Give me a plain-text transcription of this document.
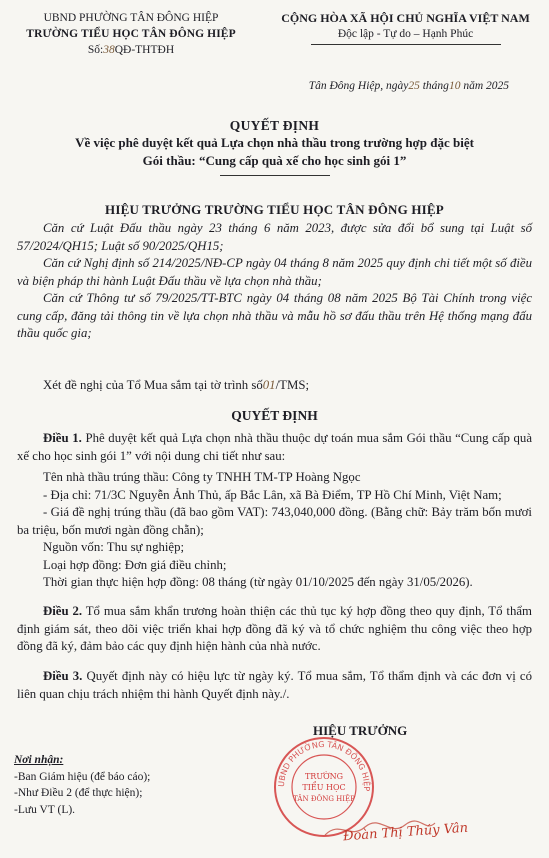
UBND PHƯỜNG TÂN ĐÔNG HIỆP
TRƯỜNG TIỂU HỌC TÂN ĐÔNG HIỆP
Số:38QĐ-THTĐH
CỘNG HÒA XÃ HỘI CHỦ NGHĨA VIỆT NAM
Độc lập - Tự do – Hạnh Phúc
Tân Đông Hiệp, ngày25 tháng10 năm 2025
QUYẾT ĐỊNH
Về việc phê duyệt kết quả Lựa chọn nhà thầu trong trường hợp đặc biệt
Gói thầu: “Cung cấp quà xế cho học sinh gói 1”
HIỆU TRƯỞNG TRƯỜNG TIỂU HỌC TÂN ĐÔNG HIỆP

Căn cứ Luật Đấu thầu ngày 23 tháng 6 năm 2023, được sửa đổi bổ sung tại Luật số 57/2024/QH15; Luật số 90/2025/QH15;

Căn cứ Nghị định số 214/2025/NĐ-CP ngày 04 tháng 8 năm 2025 quy định chi tiết một số điều và biện pháp thi hành Luật Đấu thầu về lựa chọn nhà thầu;

Căn cứ Thông tư số 79/2025/TT-BTC ngày 04 tháng 08 năm 2025 Bộ Tài Chính trong việc cung cấp, đăng tải thông tin về lựa chọn nhà thầu và mẫu hồ sơ đấu thầu trên Hệ thống mạng đấu thầu quốc gia;

Xét đề nghị của Tổ Mua sắm tại tờ trình số01/TMS;

QUYẾT ĐỊNH

Điều 1. Phê duyệt kết quả Lựa chọn nhà thầu thuộc dự toán mua sắm Gói thầu “Cung cấp quà xế cho học sinh gói 1” với nội dung chi tiết như sau:

Tên nhà thầu trúng thầu: Công ty TNHH TM-TP Hoàng Ngọc

- Địa chỉ: 71/3C Nguyễn Ảnh Thủ, ấp Bắc Lân, xã Bà Điểm, TP Hồ Chí Minh, Việt Nam;

- Giá đề nghị trúng thầu (đã bao gồm VAT): 743,040,000 đồng. (Bằng chữ: Bảy trăm bốn mươi ba triệu, bốn mươi ngàn đồng chẵn);

Nguồn vốn: Thu sự nghiệp;

Loại hợp đồng: Đơn giá điều chỉnh;

Thời gian thực hiện hợp đồng: 08 tháng (từ ngày 01/10/2025 đến ngày 31/05/2026).

Điều 2. Tổ mua sắm khẩn trương hoàn thiện các thủ tục ký hợp đồng theo quy định, Tổ thẩm định giám sát, theo dõi việc triển khai hợp đồng đã ký và tổ chức nghiệm thu công việc theo hợp đồng đã ký, đảm bảo các quy định hiện hành của nhà nước.

Điều 3. Quyết định này có hiệu lực từ ngày ký. Tổ mua sắm, Tổ thẩm định và các đơn vị có liên quan chịu trách nhiệm thi hành Quyết định này./.

HIỆU TRƯỞNG
UBND PHƯỜNG TÂN ĐÔNG HIỆP
TRƯỜNG
TIỂU HỌC
TÂN ĐÔNG HIỆP
Đoàn Thị Thúy Vân
Nơi nhận:
-Ban Giám hiệu (để báo cáo);
-Như Điều 2 (để thực hiện);
-Lưu VT (L).
